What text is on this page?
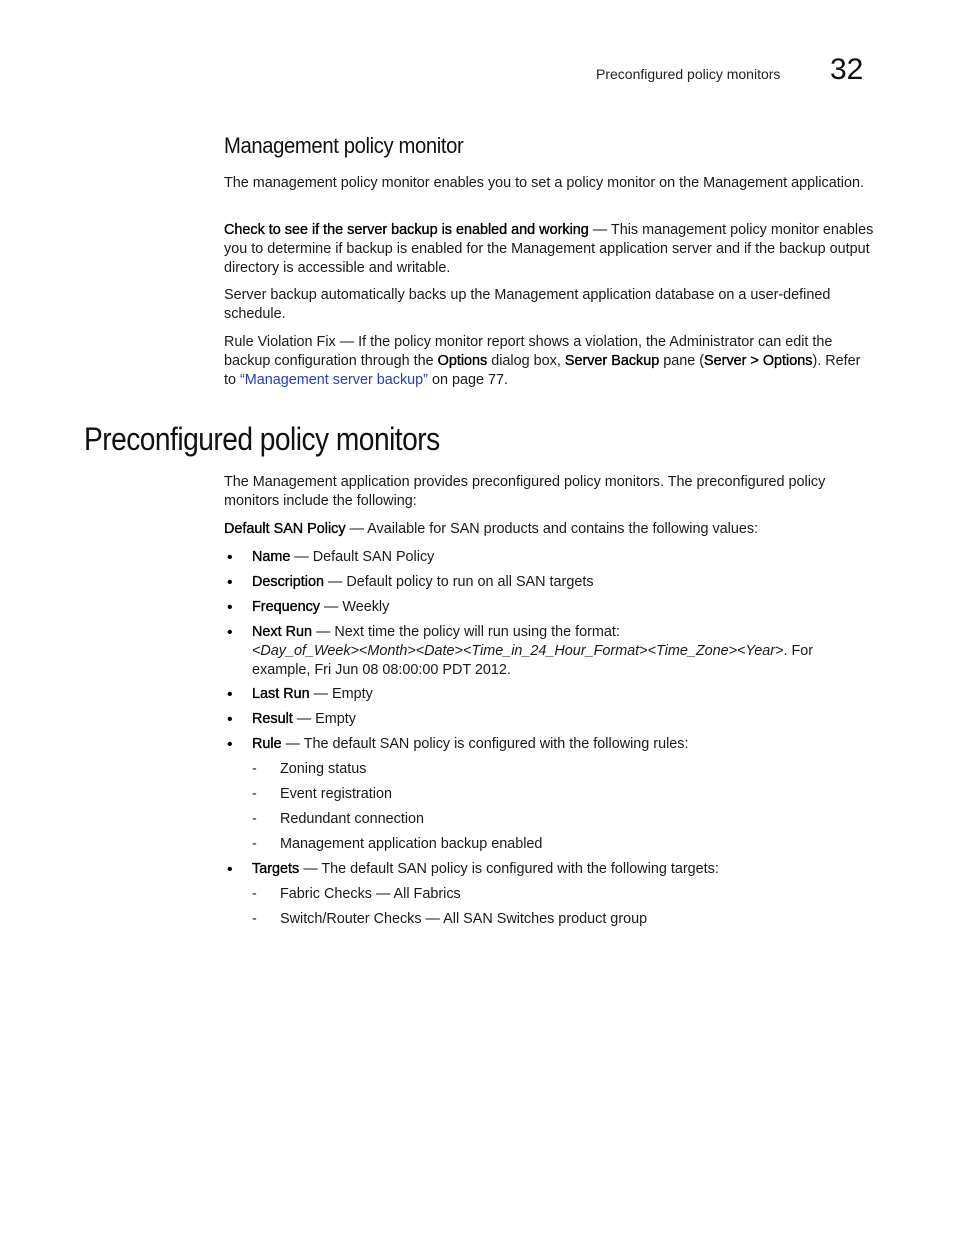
Preconfigured policy monitors 32
Management policy monitor

The management policy monitor enables you to set a policy monitor on the Management application.

Check to see if the server backup is enabled and working — This management policy monitor enables you to determine if backup is enabled for the Management application server and if the backup output directory is accessible and writable.

Server backup automatically backs up the Management application database on a user-defined schedule.

Rule Violation Fix — If the policy monitor report shows a violation, the Administrator can edit the backup configuration through the Options dialog box, Server Backup pane (Server > Options). Refer to “Management server backup” on page 77.

Preconfigured policy monitors

The Management application provides preconfigured policy monitors. The preconfigured policy monitors include the following:

Default SAN Policy — Available for SAN products and contains the following values:

• Name — Default SAN Policy

• Description — Default policy to run on all SAN targets

• Frequency — Weekly

• Next Run — Next time the policy will run using the format:
<Day_of_Week><Month><Date><Time_in_24_Hour_Format><Time_Zone><Year>. For example, Fri Jun 08 08:00:00 PDT 2012.

• Last Run — Empty

• Result — Empty

• Rule — The default SAN policy is configured with the following rules:

- Zoning status

- Event registration

- Redundant connection

- Management application backup enabled

• Targets — The default SAN policy is configured with the following targets:

- Fabric Checks — All Fabrics

- Switch/Router Checks — All SAN Switches product group
